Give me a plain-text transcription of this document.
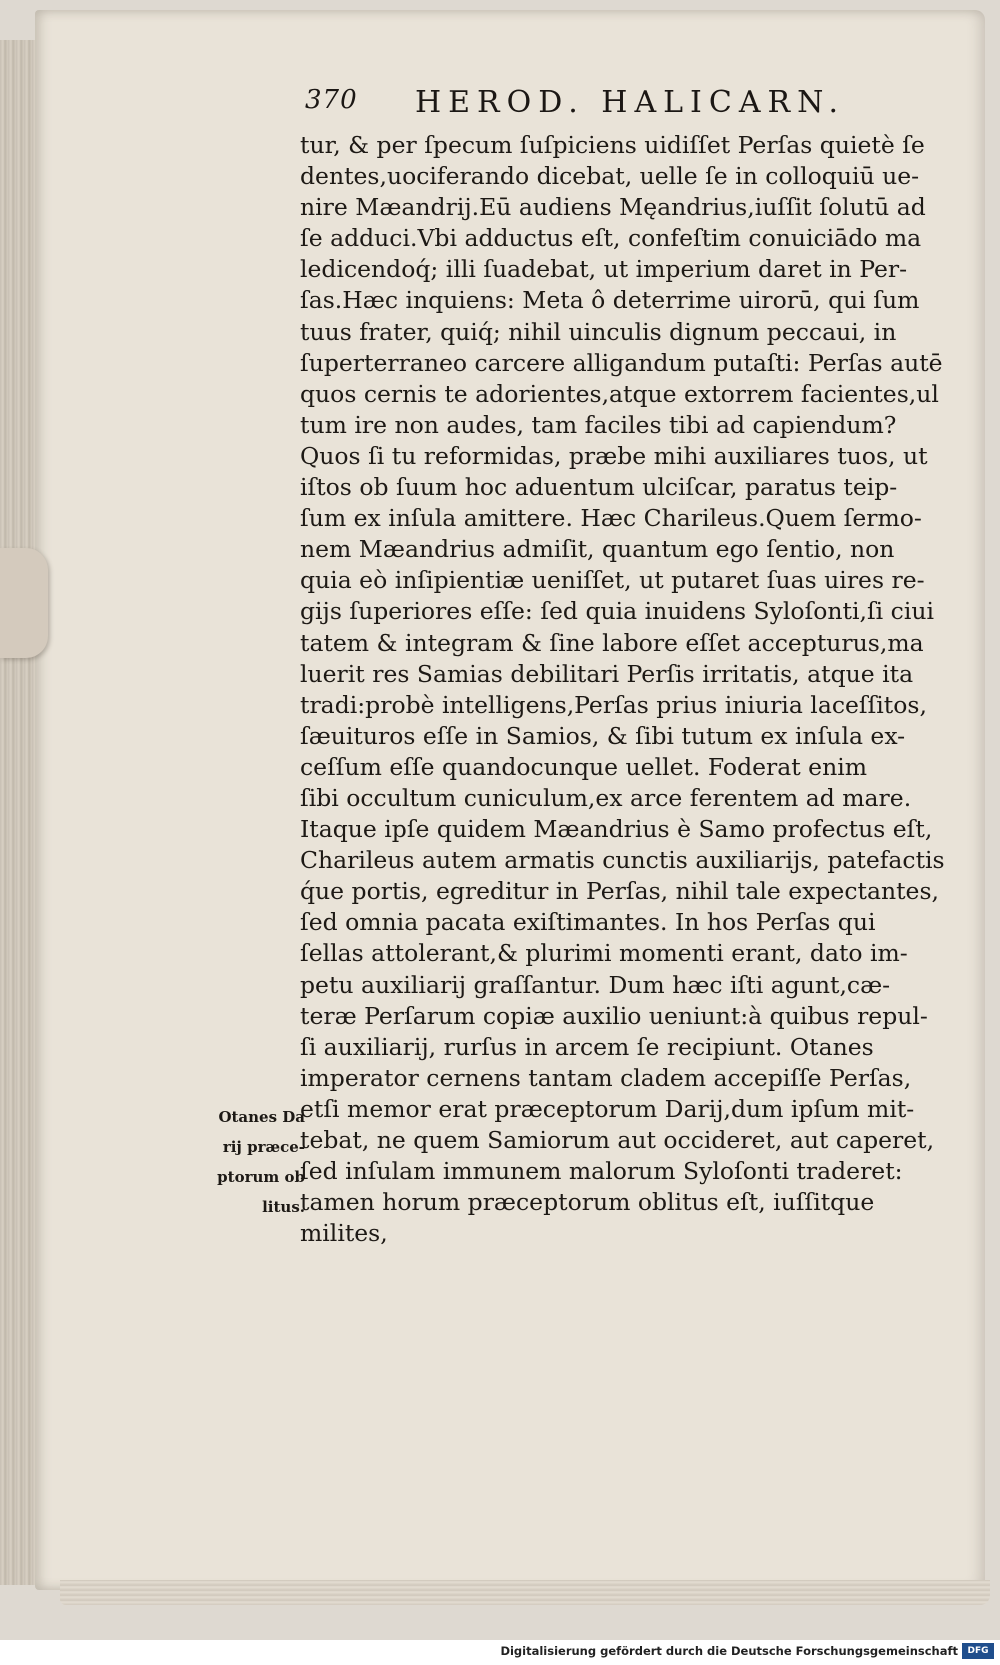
370 HEROD. HALICARN.
tur, & per ſpecum ſuſpiciens uidiſſet Perſas quietè ſe
dentes,uociferando dicebat, uelle ſe in colloquiū ue-
nire Mæandrij.Eū audiens Męandrius,iuſſit ſolutū ad
ſe adduci.Vbi adductus eſt, confeſtim conuiciādo ma
ledicendoq́; illi ſuadebat, ut imperium daret in Per-
ſas.Hæc inquiens: Meta ô deterrime uirorū, qui ſum
tuus frater, quiq́; nihil uinculis dignum peccaui, in
ſuperterraneo carcere alligandum putaſti: Perſas autē
quos cernis te adorientes,atque extorrem facientes,ul
tum ire non audes, tam faciles tibi ad capiendum?
Quos ſi tu reformidas, præbe mihi auxiliares tuos, ut
iſtos ob ſuum hoc aduentum ulciſcar, paratus teip-
ſum ex inſula amittere. Hæc Charileus.Quem ſermo-
nem Mæandrius admiſit, quantum ego ſentio, non
quia eò inſipientiæ ueniſſet, ut putaret ſuas uires re-
gijs ſuperiores eſſe: ſed quia inuidens Syloſonti,ſi ciui
tatem & integram & ſine labore eſſet accepturus,ma
luerit res Samias debilitari Perſis irritatis, atque ita
tradi:probè intelligens,Perſas prius iniuria laceſſitos,
ſæuituros eſſe in Samios, & ſibi tutum ex inſula ex-
ceſſum eſſe quandocunque uellet. Foderat enim
ſibi occultum cuniculum,ex arce ferentem ad mare.
Itaque ipſe quidem Mæandrius è Samo profectus eſt,
Charileus autem armatis cunctis auxiliarijs, patefactis
q́ue portis, egreditur in Perſas, nihil tale expectantes,
ſed omnia pacata exiſtimantes. In hos Perſas qui
ſellas attolerant,& plurimi momenti erant, dato im-
petu auxiliarij graſſantur. Dum hæc iſti agunt,cæ-
teræ Perſarum copiæ auxilio ueniunt:à quibus repul-
ſi auxiliarij, rurſus in arcem ſe recipiunt. Otanes
imperator cernens tantam cladem accepiſſe Perſas,
etſi memor erat præceptorum Darij,dum ipſum mit-
tebat, ne quem Samiorum aut occideret, aut caperet,
ſed inſulam immunem malorum Syloſonti traderet:
tamen horum præceptorum oblitus eſt, iuſſitque
milites,
Otanes Da
rij præce-
ptorum ob
litus.
Digitalisierung gefördert durch die Deutsche Forschungsgemeinschaft	DFG
